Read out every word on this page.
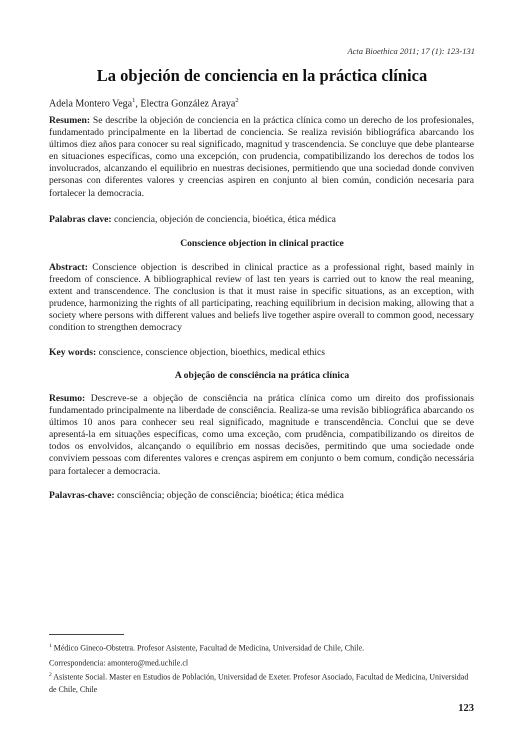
Acta Bioethica 2011; 17 (1): 123-131
La objeción de conciencia en la práctica clínica
Adela Montero Vega$^1$, Electra González Araya$^2$
Resumen: Se describe la objeción de conciencia en la práctica clínica como un derecho de los profesionales, fundamentado principalmente en la libertad de conciencia. Se realiza revisión bibliográfica abarcando los últimos diez años para conocer su real significado, magnitud y trascendencia. Se concluye que debe plantearse en situaciones específicas, como una excepción, con prudencia, compatibilizando los derechos de todos los involucrados, alcanzando el equilibrio en nuestras decisiones, permitiendo que una sociedad donde conviven personas con diferentes valores y creencias aspiren en conjunto al bien común, condición necesaria para fortalecer la democracia.
Palabras clave: conciencia, objeción de conciencia, bioética, ética médica
Conscience objection in clinical practice
Abstract: Conscience objection is described in clinical practice as a professional right, based mainly in freedom of conscience. A bibliographical review of last ten years is carried out to know the real meaning, extent and transcendence. The conclusion is that it must raise in specific situations, as an exception, with prudence, harmonizing the rights of all participating, reaching equilibrium in decision making, allowing that a society where persons with different values and beliefs live together aspire overall to common good, necessary condition to strengthen democracy
Key words: conscience, conscience objection, bioethics, medical ethics
A objeção de consciência na prática clínica
Resumo: Descreve-se a objeção de consciência na prática clínica como um direito dos profissionais fundamentado principalmente na liberdade de consciência. Realiza-se uma revisão bibliográfica abarcando os últimos 10 anos para conhecer seu real significado, magnitude e transcendência. Conclui que se deve apresentá-la em situações específicas, como uma exceção, com prudência, compatibilizando os direitos de todos os envolvidos, alcançando o equilíbrio em nossas decisões, permitindo que uma sociedade onde conviviem pessoas com diferentes valores e crenças aspirem em conjunto o bem comum, condição necessária para fortalecer a democracia.
Palavras-chave: consciência; objeção de consciência; bioética; ética médica
$^1$ Médico Gineco-Obstetra. Profesor Asistente, Facultad de Medicina, Universidad de Chile, Chile.
Correspondencia: amontero@med.uchile.cl
$^2$ Asistente Social. Master en Estudios de Población, Universidad de Exeter. Profesor Asociado, Facultad de Medicina, Universidad de Chile, Chile
123
